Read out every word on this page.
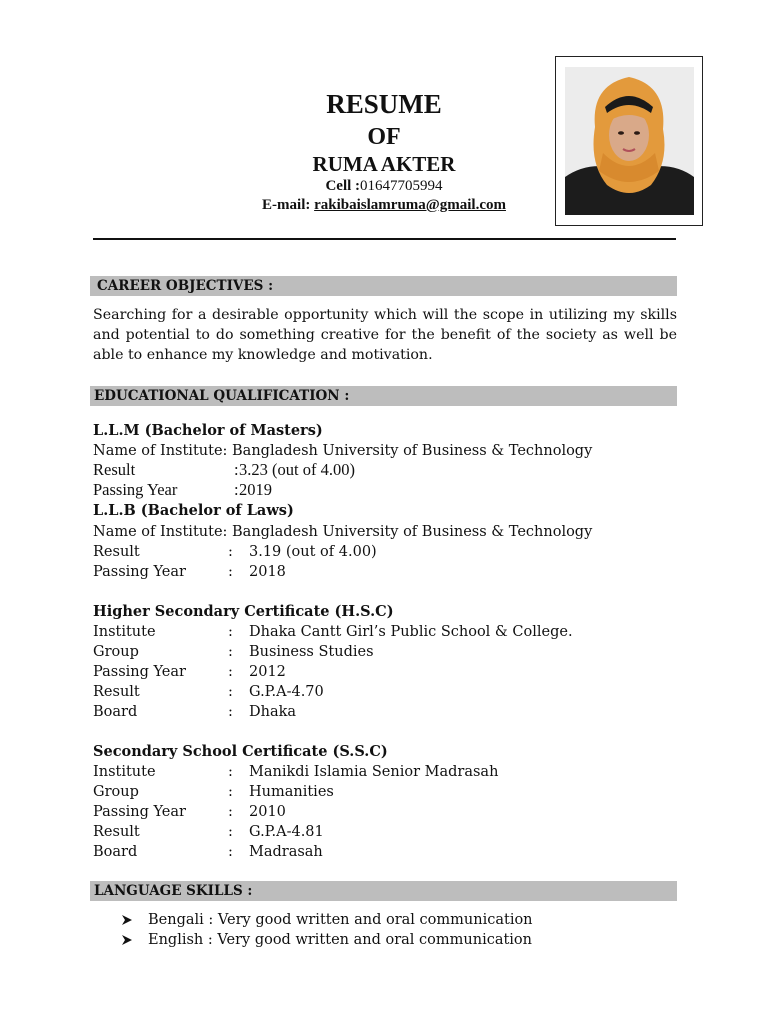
RESUME
OF
RUMA AKTER
Cell :01647705994
E-mail: rakibaislamruma@gmail.com
CAREER OBJECTIVES :
Searching for a desirable opportunity which will the scope in utilizing my skills and potential to do something creative for the benefit of the society as well be able to enhance my knowledge and motivation.
EDUCATIONAL QUALIFICATION :
L.L.M (Bachelor of Masters)
Name of Institute: Bangladesh University of Business & Technology
Result	: 3.23 (out of 4.00)
Passing Year	: 2019
L.L.B (Bachelor of Laws)
Name of Institute: Bangladesh University of Business & Technology
Result	: 3.19 (out of 4.00)
Passing Year	: 2018
Higher Secondary Certificate (H.S.C)
Institute	: Dhaka Cantt Girl’s Public School & College.
Group	: Business Studies
Passing Year	: 2012
Result	: G.P.A-4.70
Board	: Dhaka
Secondary School Certificate (S.S.C)
Institute	: Manikdi Islamia Senior Madrasah
Group	: Humanities
Passing Year	: 2010
Result	: G.P.A-4.81
Board	: Madrasah
LANGUAGE SKILLS :
Bengali : Very good written and oral communication
English : Very good written and oral communication
